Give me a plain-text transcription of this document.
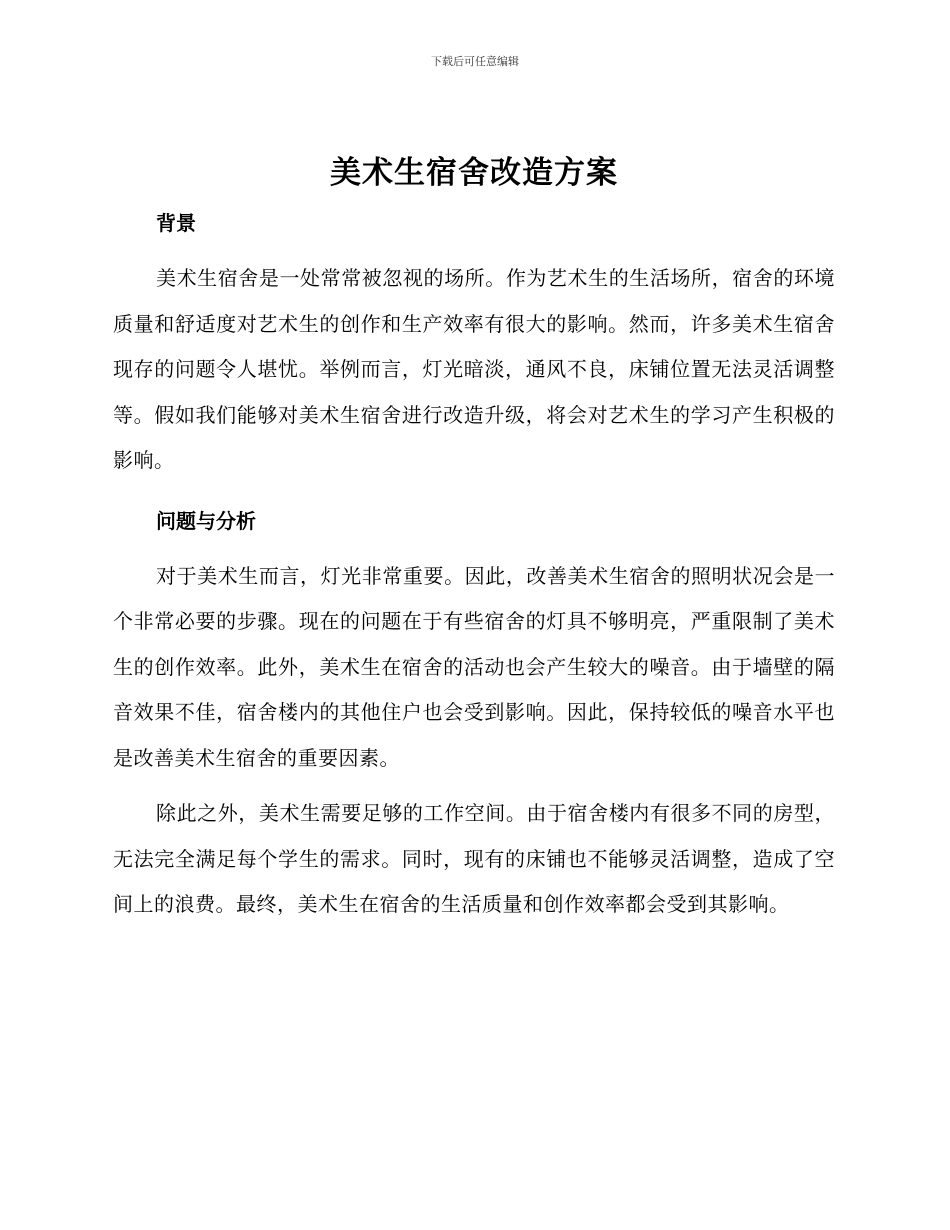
下载后可任意编辑
美术生宿舍改造方案
背景

美术生宿舍是一处常常被忽视的场所。作为艺术生的生活场所，宿舍的环境质量和舒适度对艺术生的创作和生产效率有很大的影响。然而，许多美术生宿舍现存的问题令人堪忧。举例而言，灯光暗淡，通风不良，床铺位置无法灵活调整等。假如我们能够对美术生宿舍进行改造升级，将会对艺术生的学习产生积极的影响。

问题与分析

对于美术生而言，灯光非常重要。因此，改善美术生宿舍的照明状况会是一个非常必要的步骤。现在的问题在于有些宿舍的灯具不够明亮，严重限制了美术生的创作效率。此外，美术生在宿舍的活动也会产生较大的噪音。由于墙壁的隔音效果不佳，宿舍楼内的其他住户也会受到影响。因此，保持较低的噪音水平也是改善美术生宿舍的重要因素。

除此之外，美术生需要足够的工作空间。由于宿舍楼内有很多不同的房型，无法完全满足每个学生的需求。同时，现有的床铺也不能够灵活调整，造成了空间上的浪费。最终，美术生在宿舍的生活质量和创作效率都会受到其影响。
